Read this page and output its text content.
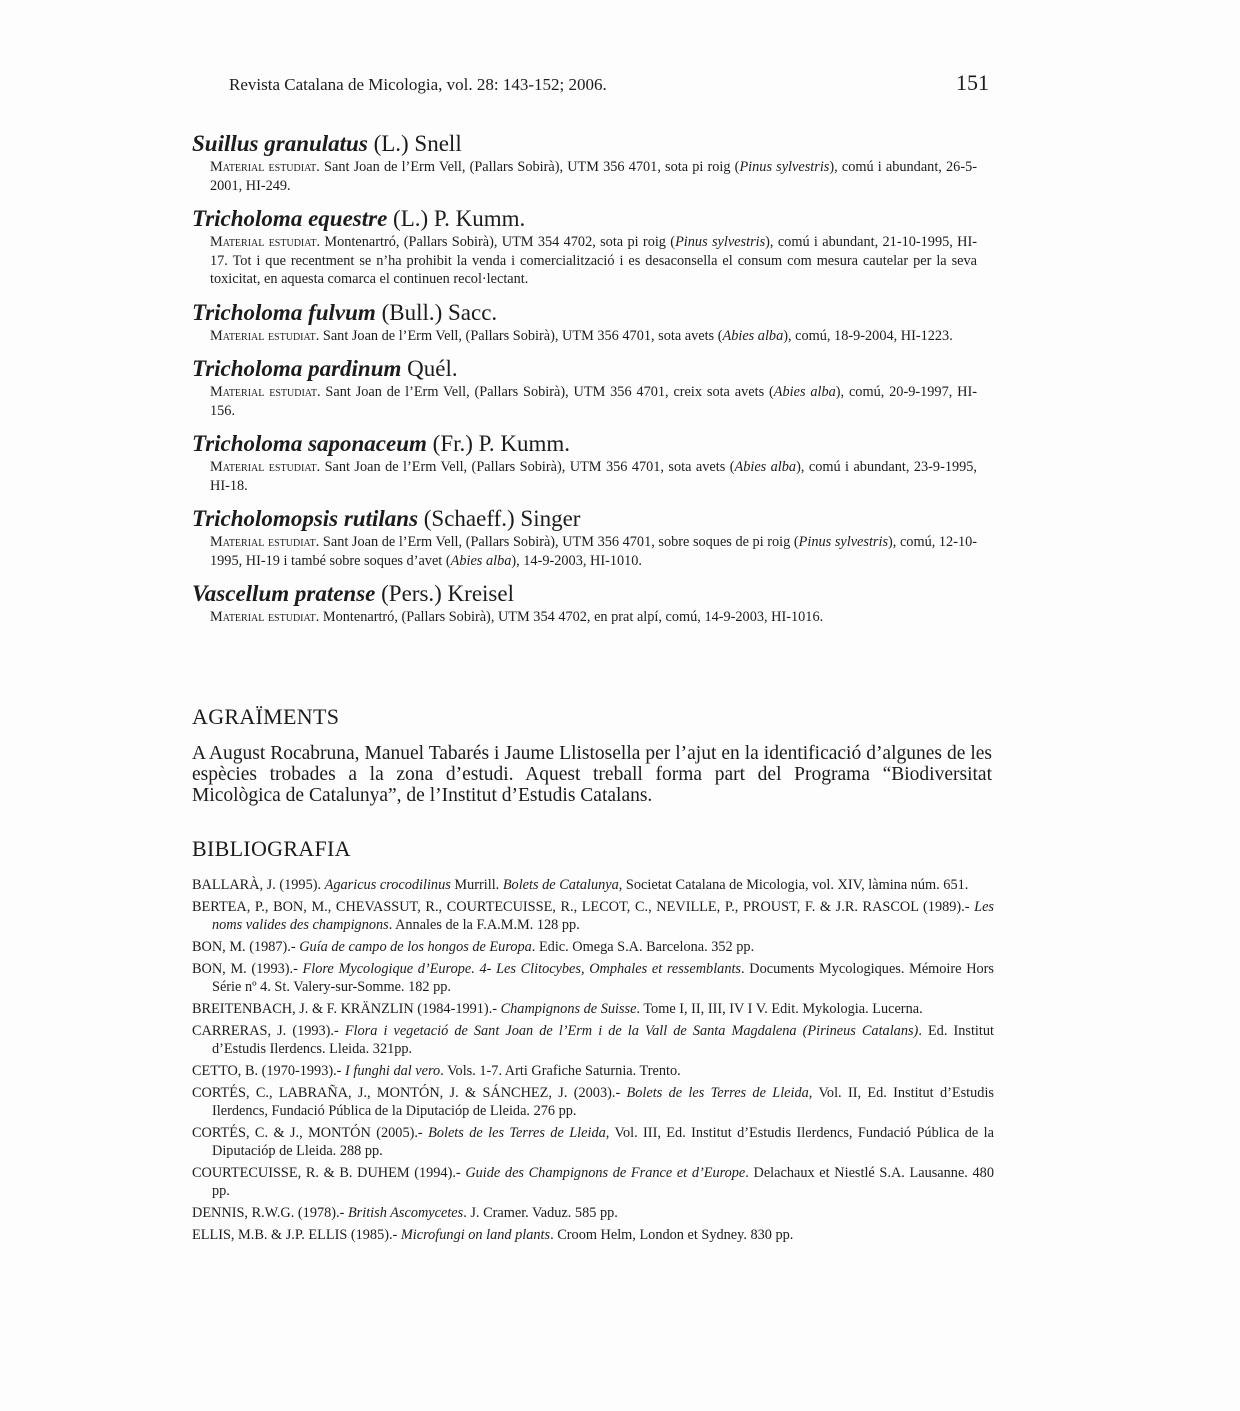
Revista Catalana de Micologia, vol. 28: 143-152; 2006.	151
Suillus granulatus (L.) Snell
Material estudiat. Sant Joan de l’Erm Vell, (Pallars Sobirà), UTM 356 4701, sota pi roig (Pinus sylvestris), comú i abundant, 26-5-2001, HI-249.
Tricholoma equestre (L.) P. Kumm.
Material estudiat. Montenartró, (Pallars Sobirà), UTM 354 4702, sota pi roig (Pinus sylvestris), comú i abundant, 21-10-1995, HI-17. Tot i que recentment se n’ha prohibit la venda i comercialització i es desaconsella el consum com mesura cautelar per la seva toxicitat, en aquesta comarca el continuen recol·lectant.
Tricholoma fulvum (Bull.) Sacc.
Material estudiat. Sant Joan de l’Erm Vell, (Pallars Sobirà), UTM 356 4701, sota avets (Abies alba), comú, 18-9-2004, HI-1223.
Tricholoma pardinum Quél.
Material estudiat. Sant Joan de l’Erm Vell, (Pallars Sobirà), UTM 356 4701, creix sota avets (Abies alba), comú, 20-9-1997, HI-156.
Tricholoma saponaceum (Fr.) P. Kumm.
Material estudiat. Sant Joan de l’Erm Vell, (Pallars Sobirà), UTM 356 4701, sota avets (Abies alba), comú i abundant, 23-9-1995, HI-18.
Tricholomopsis rutilans (Schaeff.) Singer
Material estudiat. Sant Joan de l’Erm Vell, (Pallars Sobirà), UTM 356 4701, sobre soques de pi roig (Pinus sylvestris), comú, 12-10-1995, HI-19 i també sobre soques d’avet (Abies alba), 14-9-2003, HI-1010.
Vascellum pratense (Pers.) Kreisel
Material estudiat. Montenartró, (Pallars Sobirà), UTM 354 4702, en prat alpí, comú, 14-9-2003, HI-1016.
AGRAÏMENTS
A August Rocabruna, Manuel Tabarés i Jaume Llistosella per l’ajut en la identificació d’algunes de les espècies trobades a la zona d’estudi. Aquest treball forma part del Programa “Biodiversitat Micològica de Catalunya”, de l’Institut d’Estudis Catalans.
BIBLIOGRAFIA
BALLARÀ, J. (1995). Agaricus crocodilinus Murrill. Bolets de Catalunya, Societat Catalana de Micologia, vol. XIV, làmina núm. 651.
BERTEA, P., BON, M., CHEVASSUT, R., COURTECUISSE, R., LECOT, C., NEVILLE, P., PROUST, F. & J.R. RASCOL (1989).- Les noms valides des champignons. Annales de la F.A.M.M. 128 pp.
BON, M. (1987).- Guía de campo de los hongos de Europa. Edic. Omega S.A. Barcelona. 352 pp.
BON, M. (1993).- Flore Mycologique d’Europe. 4- Les Clitocybes, Omphales et ressemblants. Documents Mycologiques. Mémoire Hors Série nº 4. St. Valery-sur-Somme. 182 pp.
BREITENBACH, J. & F. KRÄNZLIN (1984-1991).- Champignons de Suisse. Tome I, II, III, IV I V. Edit. Mykologia. Lucerna.
CARRERAS, J. (1993).- Flora i vegetació de Sant Joan de l’Erm i de la Vall de Santa Magdalena (Pirineus Catalans). Ed. Institut d’Estudis Ilerdencs. Lleida. 321pp.
CETTO, B. (1970-1993).- I funghi dal vero. Vols. 1-7. Arti Grafiche Saturnia. Trento.
CORTÉS, C., LABRAÑA, J., MONTÓN, J. & SÁNCHEZ, J. (2003).- Bolets de les Terres de Lleida, Vol. II, Ed. Institut d’Estudis Ilerdencs, Fundació Pública de la Diputacióp de Lleida. 276 pp.
CORTÉS, C. & J., MONTÓN (2005).- Bolets de les Terres de Lleida, Vol. III, Ed. Institut d’Estudis Ilerdencs, Fundació Pública de la Diputacióp de Lleida. 288 pp.
COURTECUISSE, R. & B. DUHEM (1994).- Guide des Champignons de France et d’Europe. Delachaux et Niestlé S.A. Lausanne. 480 pp.
DENNIS, R.W.G. (1978).- British Ascomycetes. J. Cramer. Vaduz. 585 pp.
ELLIS, M.B. & J.P. ELLIS (1985).- Microfungi on land plants. Croom Helm, London et Sydney. 830 pp.
